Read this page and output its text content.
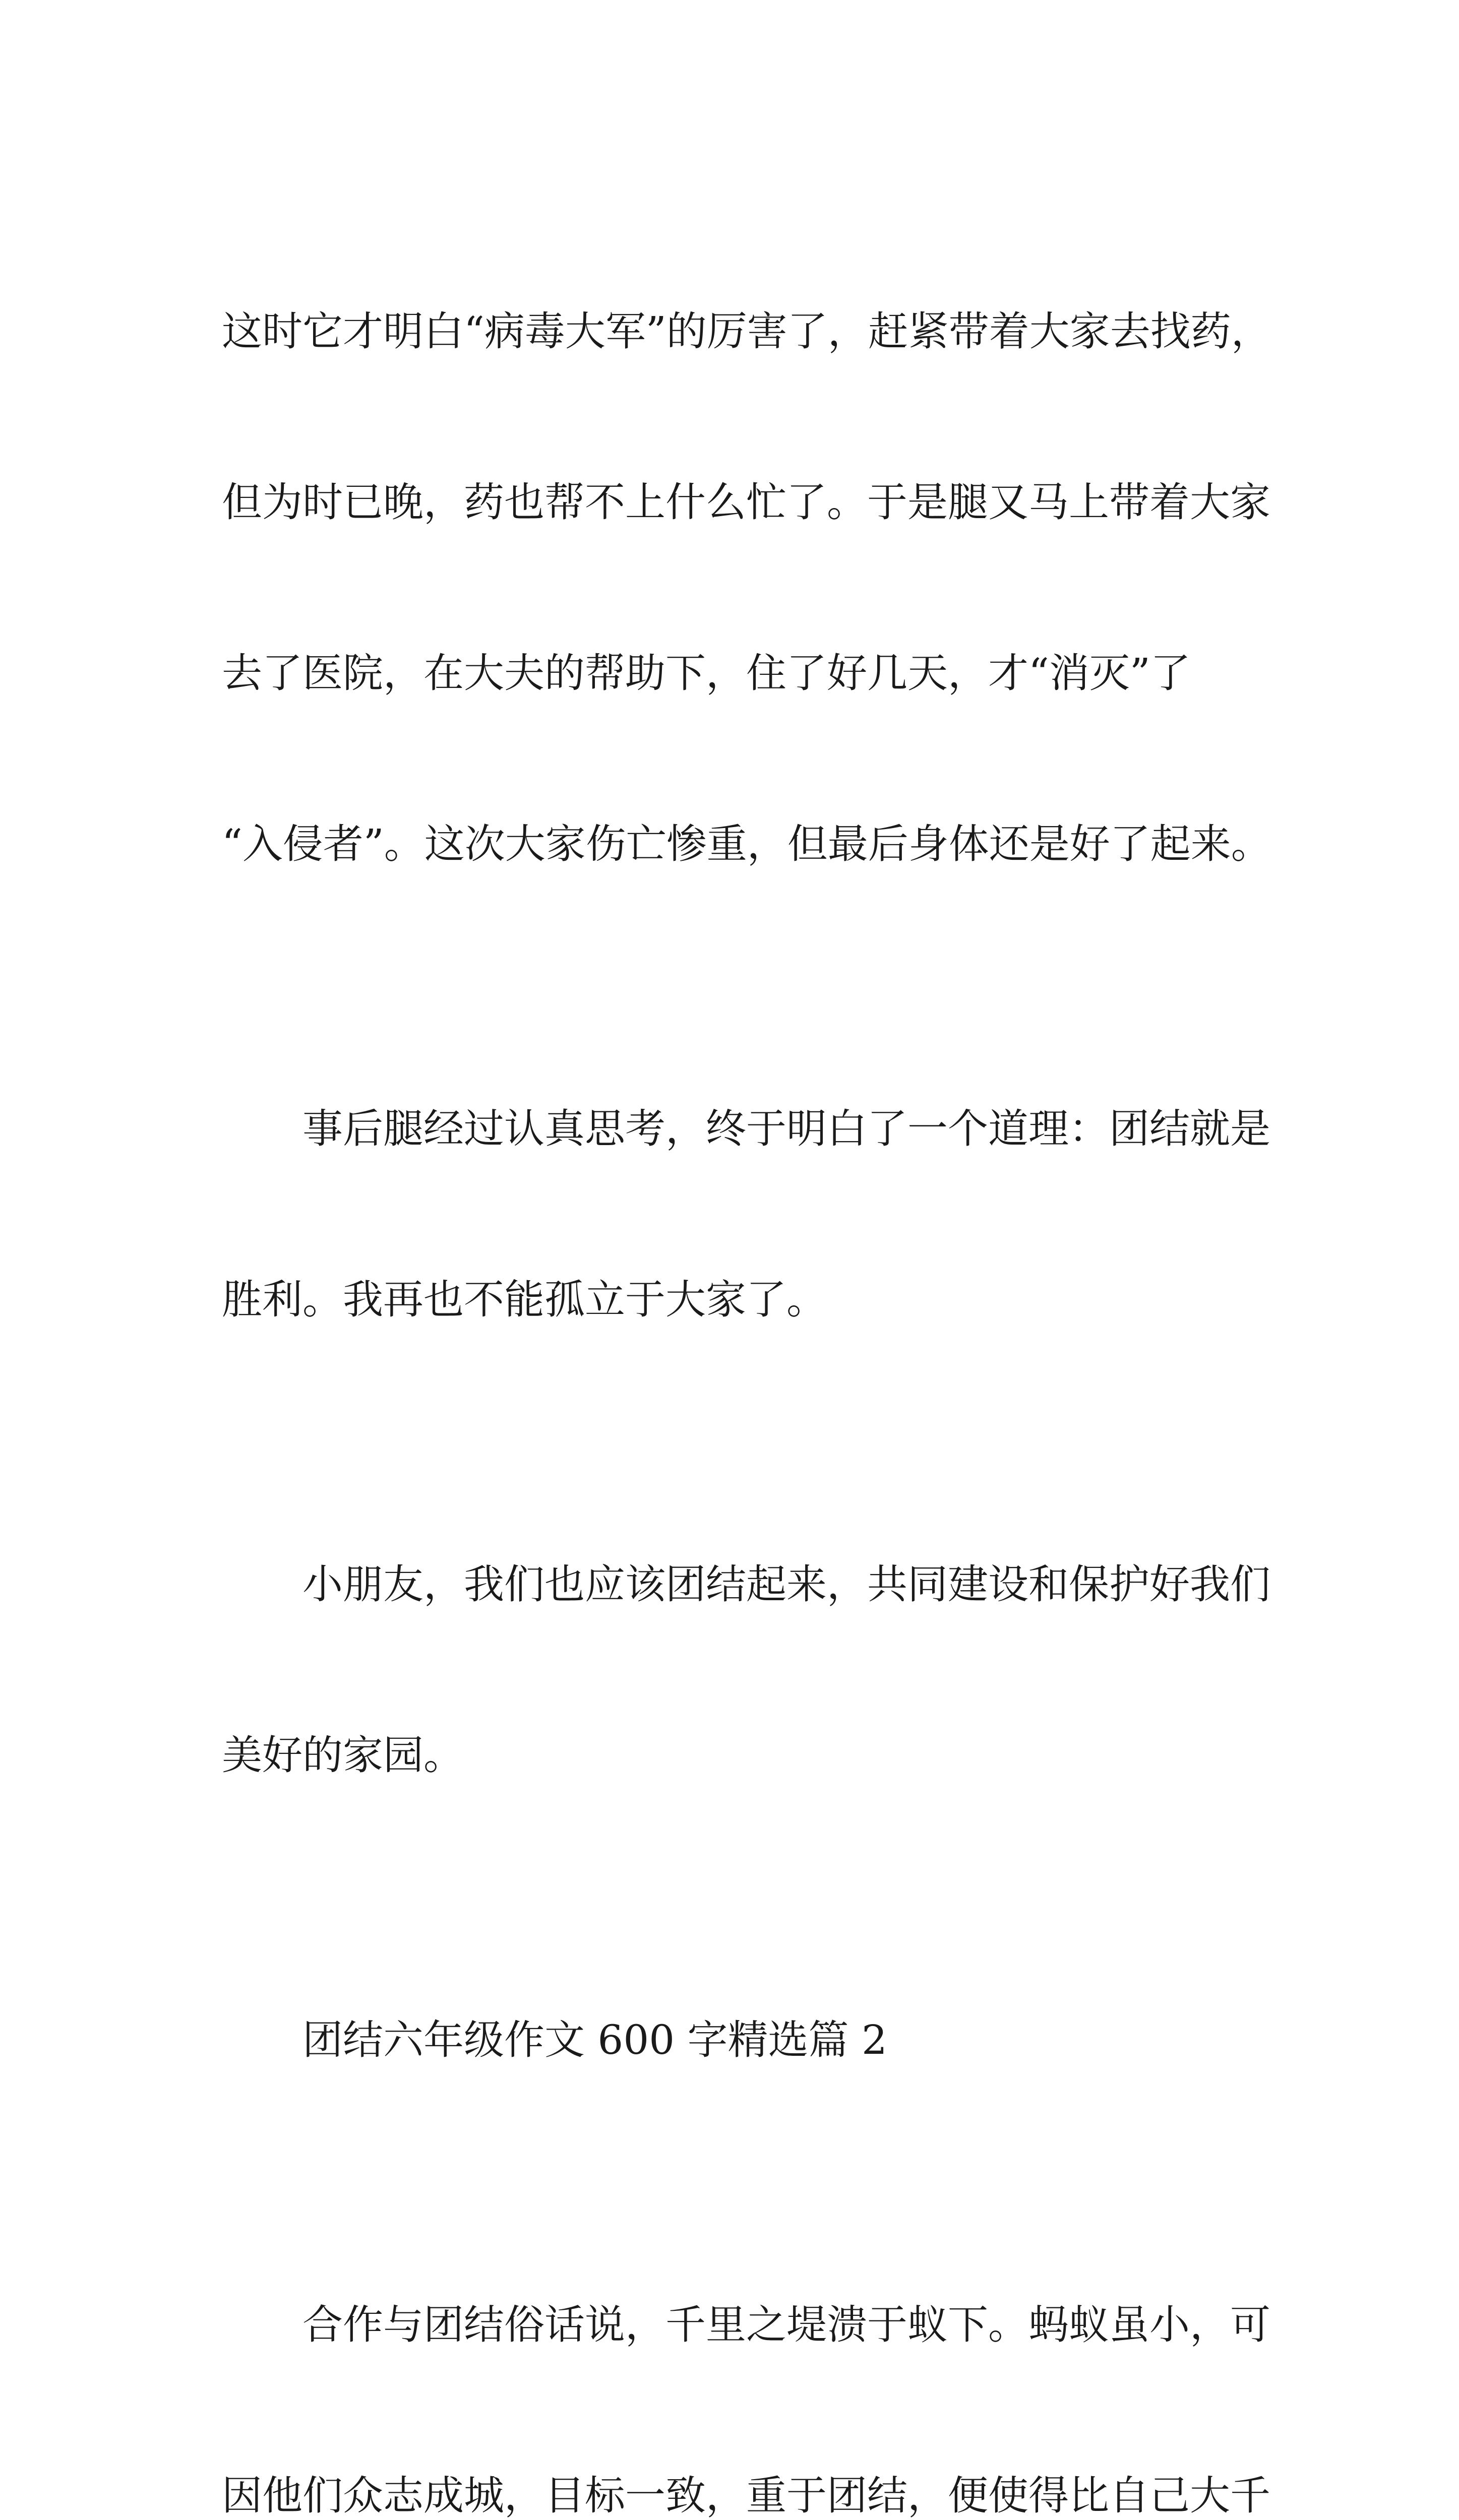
这时它才明白“病毒大军”的厉害了，赶紧带着大家去找药，

但为时已晚，药也帮不上什么忙了。于是腿又马上带着大家

去了医院，在大夫的帮助下，住了好几天，才“消灭”了

“入侵者”。这次大家伤亡惨重，但最后身体还是好了起来。

　　事后腿经过认真思考，终于明白了一个道理：团结就是

胜利。我再也不能孤立于大家了。

　　小朋友，我们也应该团结起来，共同建设和保护好我们

美好的家园。

　　团结六年级作文 600 字精选篇 2

　　合作与团结俗话说，千里之堤溃于蚁下。蚂蚁虽小，可

因他们众志成城，目标一致，重于团结，便使得比自己大千
